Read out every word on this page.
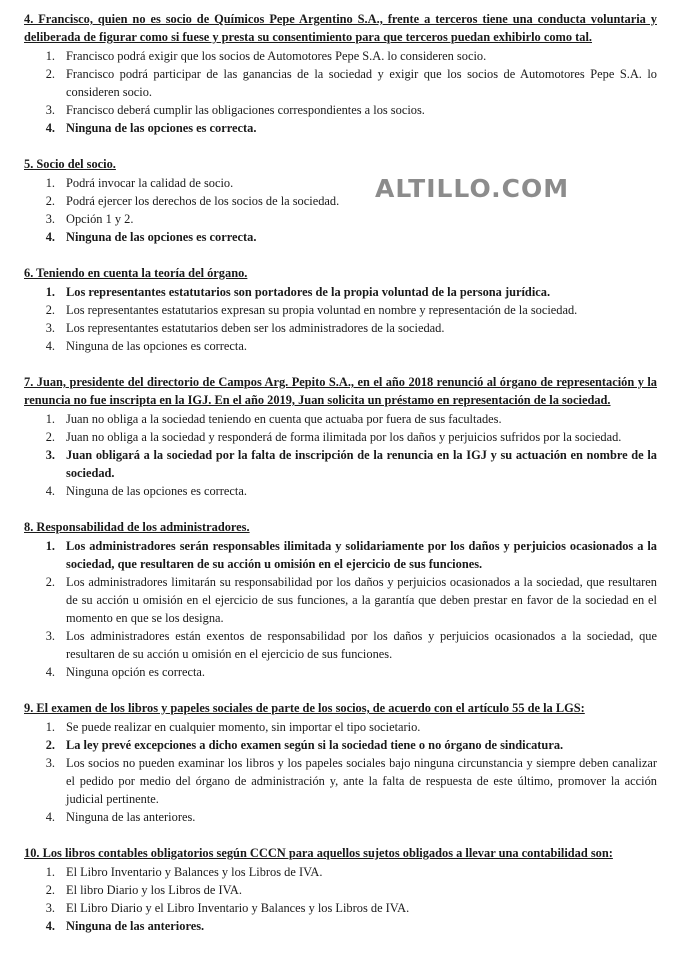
4. Francisco, quien no es socio de Químicos Pepe Argentino S.A., frente a terceros tiene una conducta voluntaria y deliberada de figurar como si fuese y presta su consentimiento para que terceros puedan exhibirlo como tal.
1. Francisco podrá exigir que los socios de Automotores Pepe S.A. lo consideren socio.
2. Francisco podrá participar de las ganancias de la sociedad y exigir que los socios de Automotores Pepe S.A. lo consideren socio.
3. Francisco deberá cumplir las obligaciones correspondientes a los socios.
4. Ninguna de las opciones es correcta.
5. Socio del socio.
1. Podrá invocar la calidad de socio.
2. Podrá ejercer los derechos de los socios de la sociedad.
3. Opción 1 y 2.
4. Ninguna de las opciones es correcta.
6. Teniendo en cuenta la teoría del órgano.
1. Los representantes estatutarios son portadores de la propia voluntad de la persona jurídica.
2. Los representantes estatutarios expresan su propia voluntad en nombre y representación de la sociedad.
3. Los representantes estatutarios deben ser los administradores de la sociedad.
4. Ninguna de las opciones es correcta.
7. Juan, presidente del directorio de Campos Arg. Pepito S.A., en el año 2018 renunció al órgano de representación y la renuncia no fue inscripta en la IGJ. En el año 2019, Juan solicita un préstamo en representación de la sociedad.
1. Juan no obliga a la sociedad teniendo en cuenta que actuaba por fuera de sus facultades.
2. Juan no obliga a la sociedad y responderá de forma ilimitada por los daños y perjuicios sufridos por la sociedad.
3. Juan obligará a la sociedad por la falta de inscripción de la renuncia en la IGJ y su actuación en nombre de la sociedad.
4. Ninguna de las opciones es correcta.
8. Responsabilidad de los administradores.
1. Los administradores serán responsables ilimitada y solidariamente por los daños y perjuicios ocasionados a la sociedad, que resultaren de su acción u omisión en el ejercicio de sus funciones.
2. Los administradores limitarán su responsabilidad por los daños y perjuicios ocasionados a la sociedad, que resultaren de su acción u omisión en el ejercicio de sus funciones, a la garantía que deben prestar en favor de la sociedad en el momento en que se los designa.
3. Los administradores están exentos de responsabilidad por los daños y perjuicios ocasionados a la sociedad, que resultaren de su acción u omisión en el ejercicio de sus funciones.
4. Ninguna opción es correcta.
9. El examen de los libros y papeles sociales de parte de los socios, de acuerdo con el artículo 55 de la LGS:
1. Se puede realizar en cualquier momento, sin importar el tipo societario.
2. La ley prevé excepciones a dicho examen según si la sociedad tiene o no órgano de sindicatura.
3. Los socios no pueden examinar los libros y los papeles sociales bajo ninguna circunstancia y siempre deben canalizar el pedido por medio del órgano de administración y, ante la falta de respuesta de este último, promover la acción judicial pertinente.
4. Ninguna de las anteriores.
10. Los libros contables obligatorios según CCCN para aquellos sujetos obligados a llevar una contabilidad son:
1. El Libro Inventario y Balances y los Libros de IVA.
2. El libro Diario y los Libros de IVA.
3. El Libro Diario y el Libro Inventario y Balances y los Libros de IVA.
4. Ninguna de las anteriores.
ALTILLO.COM
